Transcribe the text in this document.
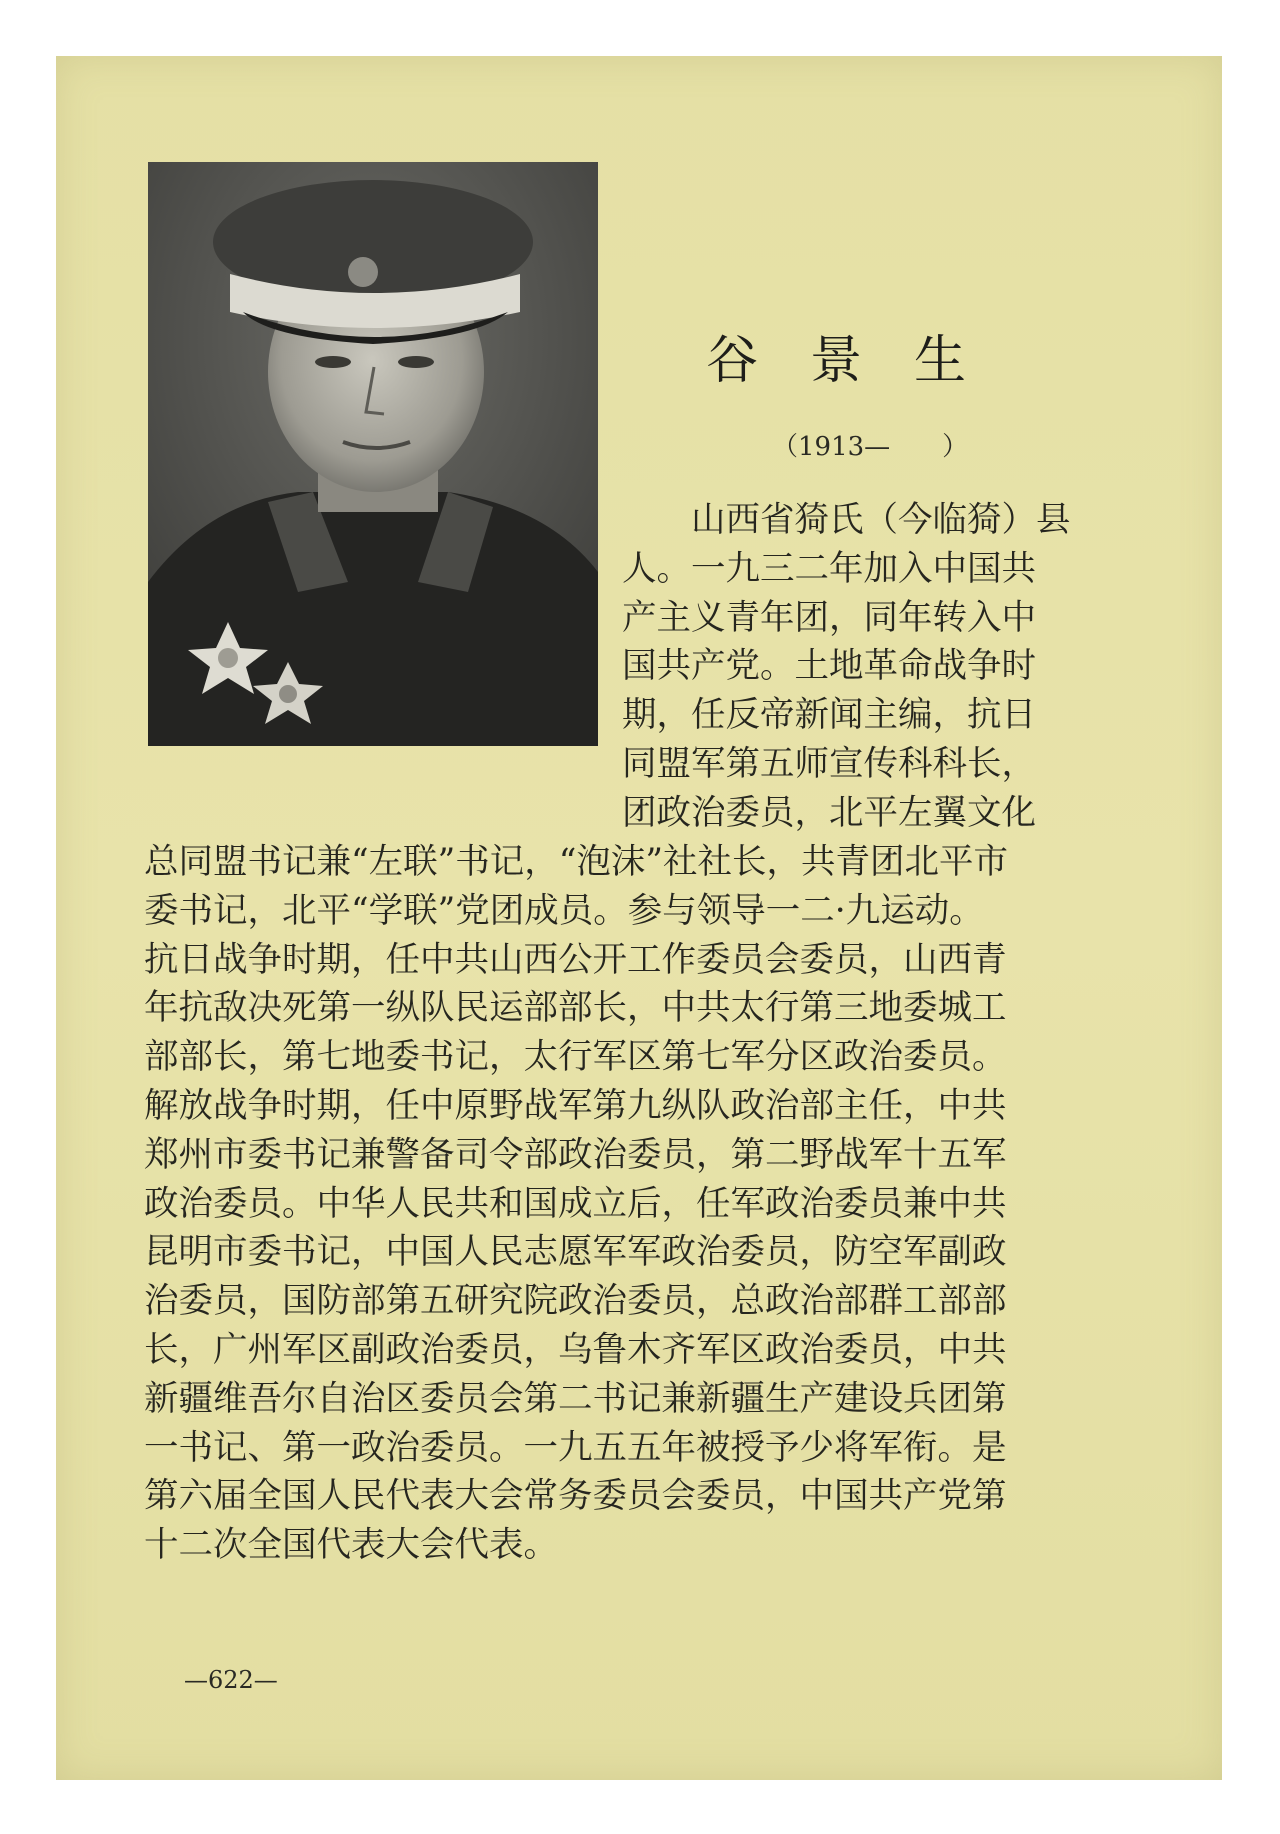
谷景生
（1913—　　）
　　山西省猗氏（今临猗）县
人。一九三二年加入中国共
产主义青年团，同年转入中
国共产党。土地革命战争时
期，任反帝新闻主编，抗日
同盟军第五师宣传科科长，
团政治委员，北平左翼文化
总同盟书记兼“左联”书记，“泡沫”社社长，共青团北平市
委书记，北平“学联”党团成员。参与领导一二·九运动。
抗日战争时期，任中共山西公开工作委员会委员，山西青
年抗敌决死第一纵队民运部部长，中共太行第三地委城工
部部长，第七地委书记，太行军区第七军分区政治委员。
解放战争时期，任中原野战军第九纵队政治部主任，中共
郑州市委书记兼警备司令部政治委员，第二野战军十五军
政治委员。中华人民共和国成立后，任军政治委员兼中共
昆明市委书记，中国人民志愿军军政治委员，防空军副政
治委员，国防部第五研究院政治委员，总政治部群工部部
长，广州军区副政治委员，乌鲁木齐军区政治委员，中共
新疆维吾尔自治区委员会第二书记兼新疆生产建设兵团第
一书记、第一政治委员。一九五五年被授予少将军衔。是
第六届全国人民代表大会常务委员会委员，中国共产党第
十二次全国代表大会代表。
—622—
